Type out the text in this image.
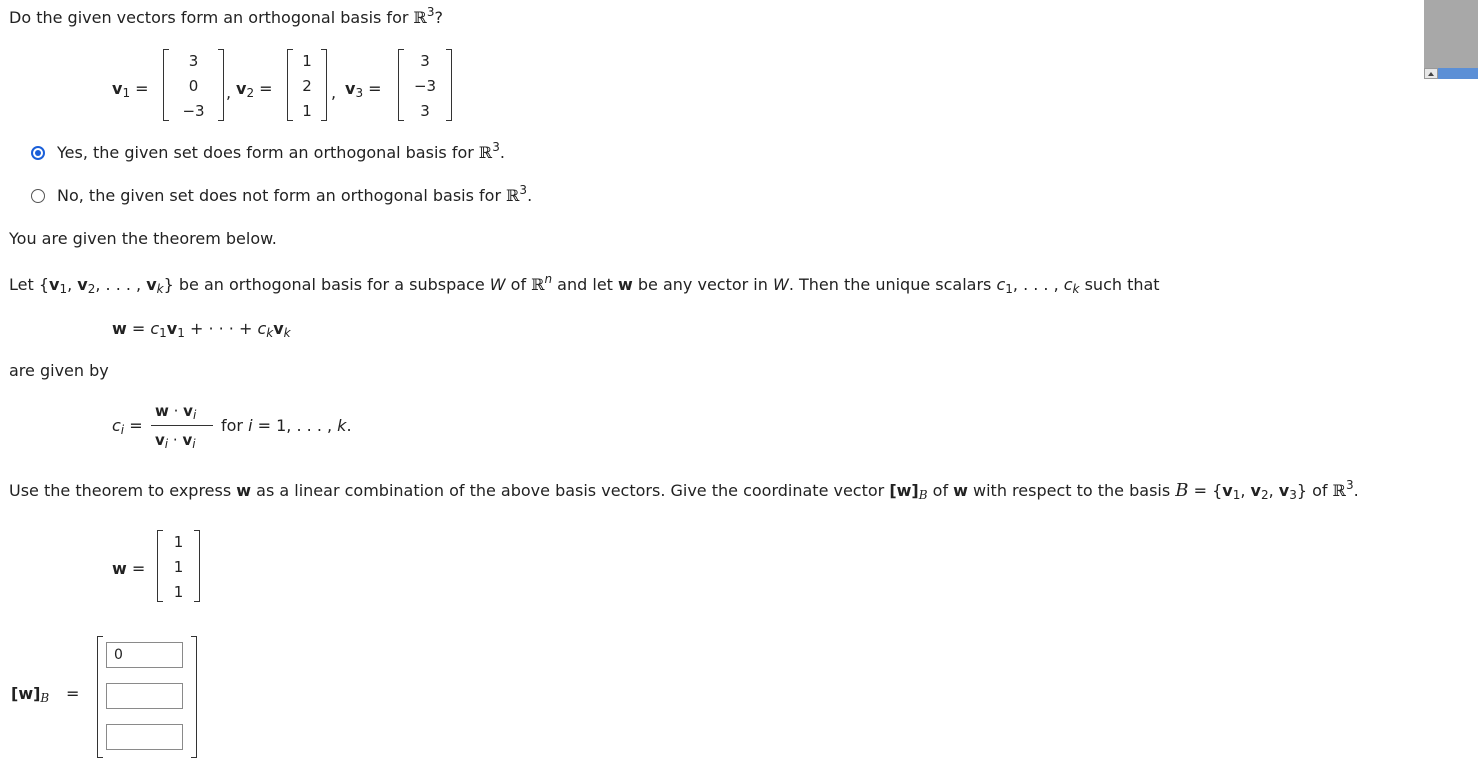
Do the given vectors form an orthogonal basis for ℝ$^3$?
$v_1$ =
3
0
−3
, $v_2$ =
1
2
1
, $v_3$ =
3
−3
3
Yes, the given set does form an orthogonal basis for ℝ$^3$.
No, the given set does not form an orthogonal basis for ℝ$^3$.
You are given the theorem below.
Let {$v_1$, $v_2$, . . . , $v_k$} be an orthogonal basis for a subspace W of ℝ$^n$ and let w be any vector in W. Then the unique scalars $c_1$, . . . , $c_k$ such that
$w = c_1v_1$ + · · · + $c_kv_k$
are given by
$c_i$ =
$w \cdot v_i$
$v_i \cdot v_i$
for i = 1, . . . , k.
Use the theorem to express w as a linear combination of the above basis vectors. Give the coordinate vector $[w]_B$ of w with respect to the basis $B = \{v_1$, $v_2$, $v_3$} of ℝ$^3$.
w =
1
1
1
$[w]_B$ =
0
